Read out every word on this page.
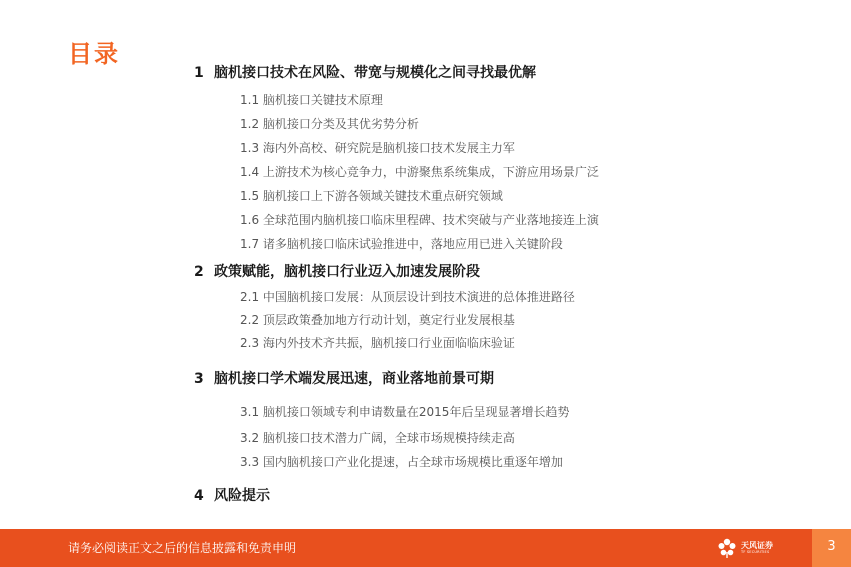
目录
1 脑机接口技术在风险、带宽与规模化之间寻找最优解
1.1 脑机接口关键技术原理
1.2 脑机接口分类及其优劣势分析
1.3 海内外高校、研究院是脑机接口技术发展主力军
1.4 上游技术为核心竞争力，中游聚焦系统集成，下游应用场景广泛
1.5 脑机接口上下游各领域关键技术重点研究领域
1.6 全球范围内脑机接口临床里程碑、技术突破与产业落地接连上演
1.7 诸多脑机接口临床试验推进中，落地应用已进入关键阶段
2 政策赋能，脑机接口行业迈入加速发展阶段
2.1 中国脑机接口发展：从顶层设计到技术演进的总体推进路径
2.2 顶层政策叠加地方行动计划，奠定行业发展根基
2.3 海内外技术齐共振，脑机接口行业面临临床验证
3 脑机接口学术端发展迅速，商业落地前景可期
3.1 脑机接口领域专利申请数量在2015年后呈现显著增长趋势
3.2 脑机接口技术潜力广阔，全球市场规模持续走高
3.3 国内脑机接口产业化提速，占全球市场规模比重逐年增加
4 风险提示
请务必阅读正文之后的信息披露和免责申明	天风证券
TF SECURITIES	3
